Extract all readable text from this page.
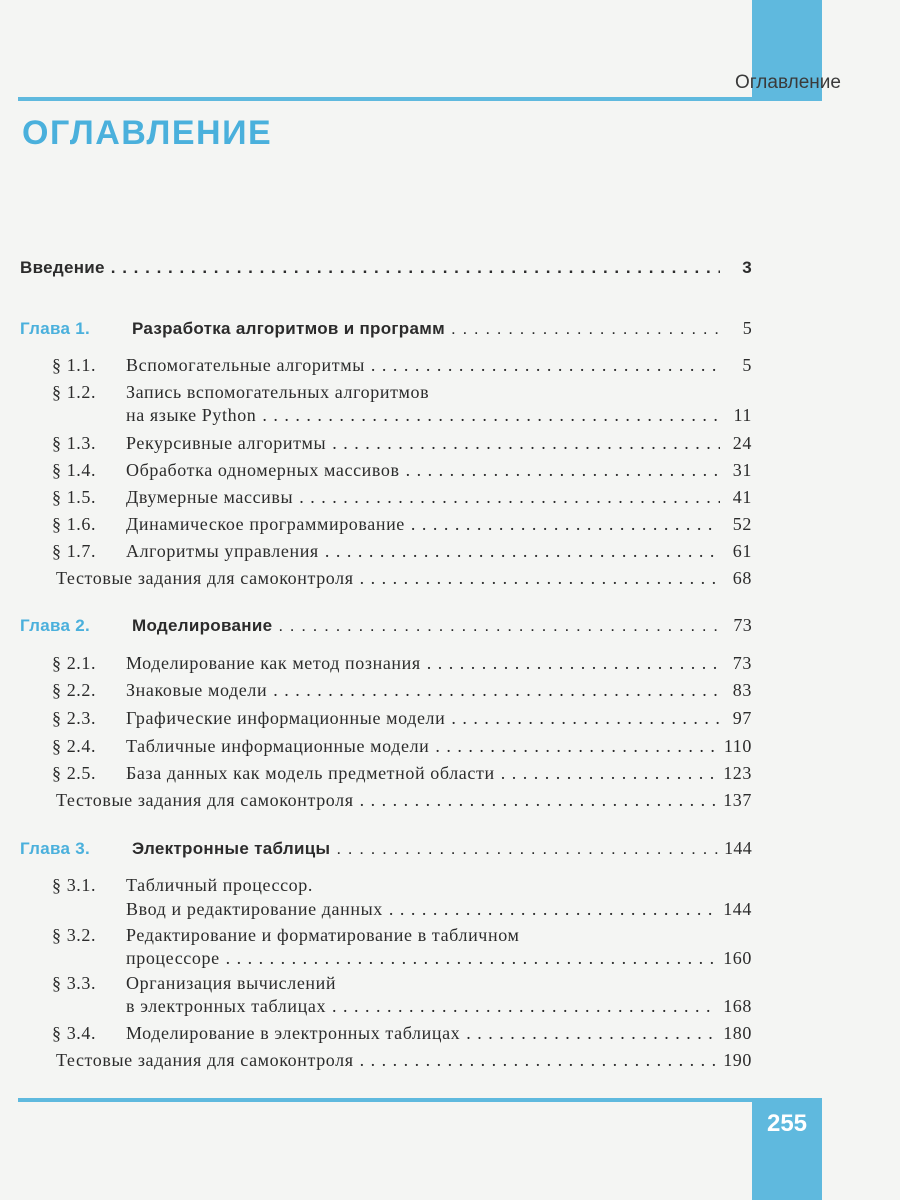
Оглавление
ОГЛАВЛЕНИЕ
Введение . . .	3
Глава 1.	Разработка алгоритмов и программ . . .	5
§ 1.1.	Вспомогательные алгоритмы . . .	5
§ 1.2.	Запись вспомогательных алгоритмов
на языке Python . . .	11
§ 1.3.	Рекурсивные алгоритмы . . .	24
§ 1.4.	Обработка одномерных массивов . . .	31
§ 1.5.	Двумерные массивы . . .	41
§ 1.6.	Динамическое программирование . . .	52
§ 1.7.	Алгоритмы управления . . .	61
Тестовые задания для самоконтроля . . .	68
Глава 2.	Моделирование . . .	73
§ 2.1.	Моделирование как метод познания . . .	73
§ 2.2.	Знаковые модели . . .	83
§ 2.3.	Графические информационные модели . . .	97
§ 2.4.	Табличные информационные модели . . .	110
§ 2.5.	База данных как модель предметной области . . .	123
Тестовые задания для самоконтроля . . .	137
Глава 3.	Электронные таблицы . . .	144
§ 3.1.	Табличный процессор.
Ввод и редактирование данных . . .	144
§ 3.2.	Редактирование и форматирование в табличном
процессоре . . .	160
§ 3.3.	Организация вычислений
в электронных таблицах . . .	168
§ 3.4.	Моделирование в электронных таблицах . . .	180
Тестовые задания для самоконтроля . . .	190
255
